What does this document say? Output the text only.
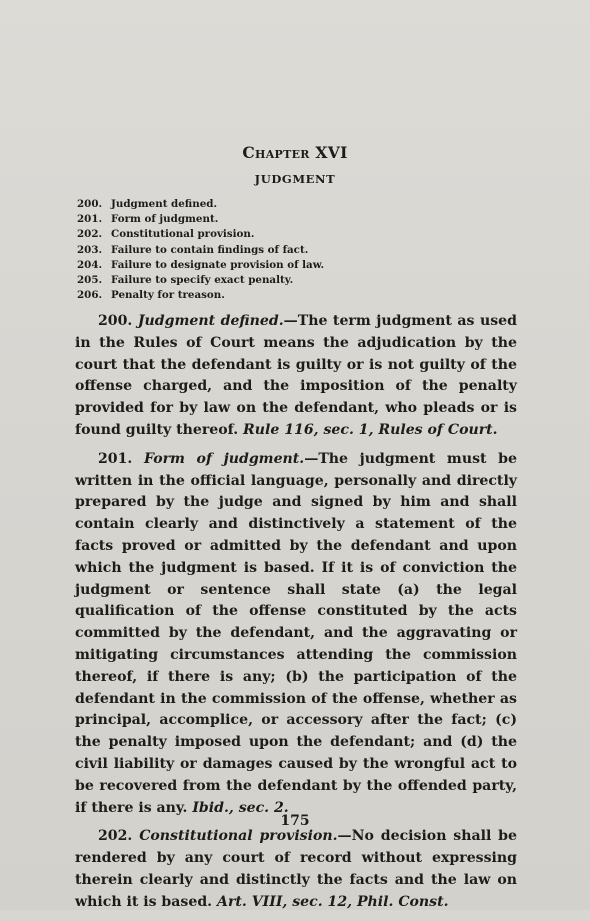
Chapter XVI
JUDGMENT
200. Judgment defined.
201. Form of judgment.
202. Constitutional provision.
203. Failure to contain findings of fact.
204. Failure to designate provision of law.
205. Failure to specify exact penalty.
206. Penalty for treason.

200. Judgment defined.—The term judgment as used in the Rules of Court means the adjudication by the court that the defendant is guilty or is not guilty of the offense charged, and the imposition of the penalty provided for by law on the defendant, who pleads or is found guilty thereof. Rule 116, sec. 1, Rules of Court.

201. Form of judgment.—The judgment must be written in the official language, personally and directly prepared by the judge and signed by him and shall contain clearly and distinctively a statement of the facts proved or admitted by the defendant and upon which the judgment is based. If it is of conviction the judgment or sentence shall state (a) the legal qualification of the offense constituted by the acts committed by the defendant, and the aggravating or mitigating circumstances attending the commission thereof, if there is any; (b) the participation of the defendant in the commission of the offense, whether as principal, accomplice, or accessory after the fact; (c) the penalty imposed upon the defendant; and (d) the civil liability or damages caused by the wrongful act to be recovered from the defendant by the offended party, if there is any. Ibid., sec. 2.

202. Constitutional provision.—No decision shall be rendered by any court of record without expressing therein clearly and distinctly the facts and the law on which it is based. Art. VIII, sec. 12, Phil. Const.

175
